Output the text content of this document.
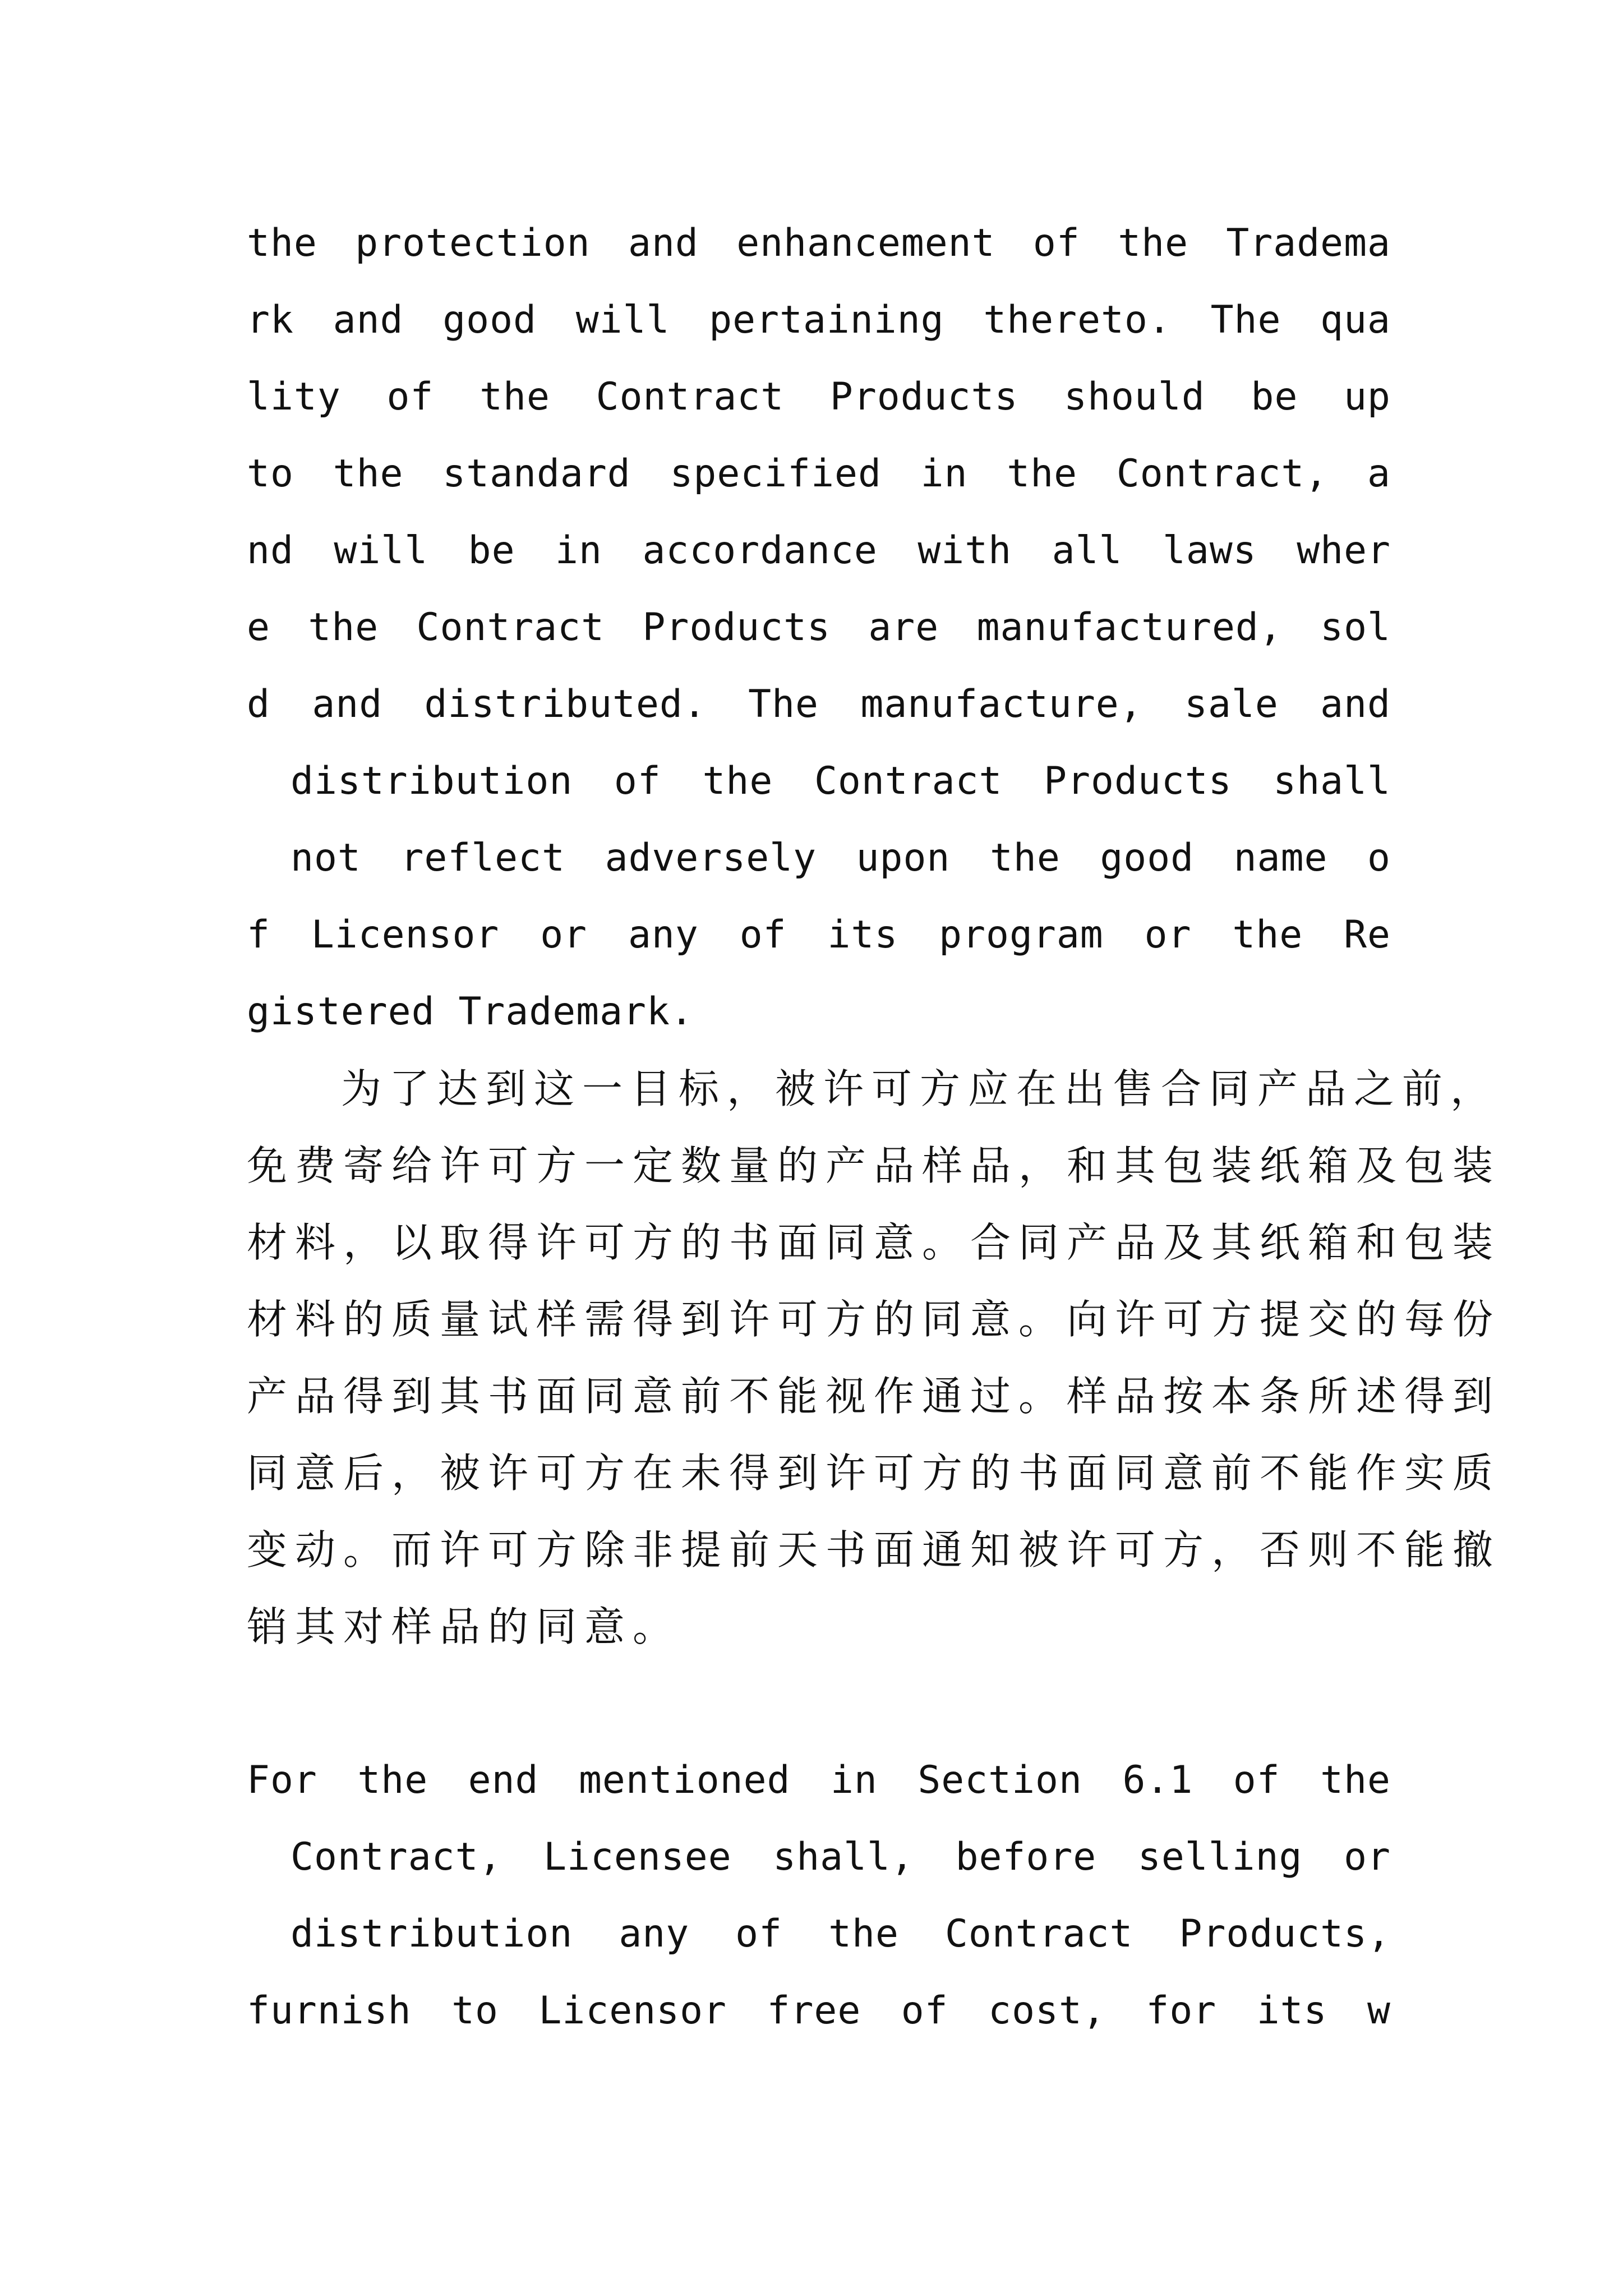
the protection and enhancement of the Tradema
rk and good will pertaining thereto. The qua
lity of the Contract Products should be up
to the standard specified in the Contract, a
nd will be in accordance with all laws wher
e the Contract Products are manufactured, sol
d and distributed. The manufacture, sale and
distribution of the Contract Products shall
not reflect adversely upon the good name o
f Licensor or any of its program or the Re
gistered Trademark.
为了达到这一目标，被许可方应在出售合同产品之前，
免费寄给许可方一定数量的产品样品，和其包装纸箱及包装
材料，以取得许可方的书面同意。合同产品及其纸箱和包装
材料的质量试样需得到许可方的同意。向许可方提交的每份
产品得到其书面同意前不能视作通过。样品按本条所述得到
同意后，被许可方在未得到许可方的书面同意前不能作实质
变动。而许可方除非提前天书面通知被许可方，否则不能撤
销其对样品的同意。
For the end mentioned in Section 6.1 of the
Contract, Licensee shall, before selling or
distribution any of the Contract Products,
furnish to Licensor free of cost, for its w
